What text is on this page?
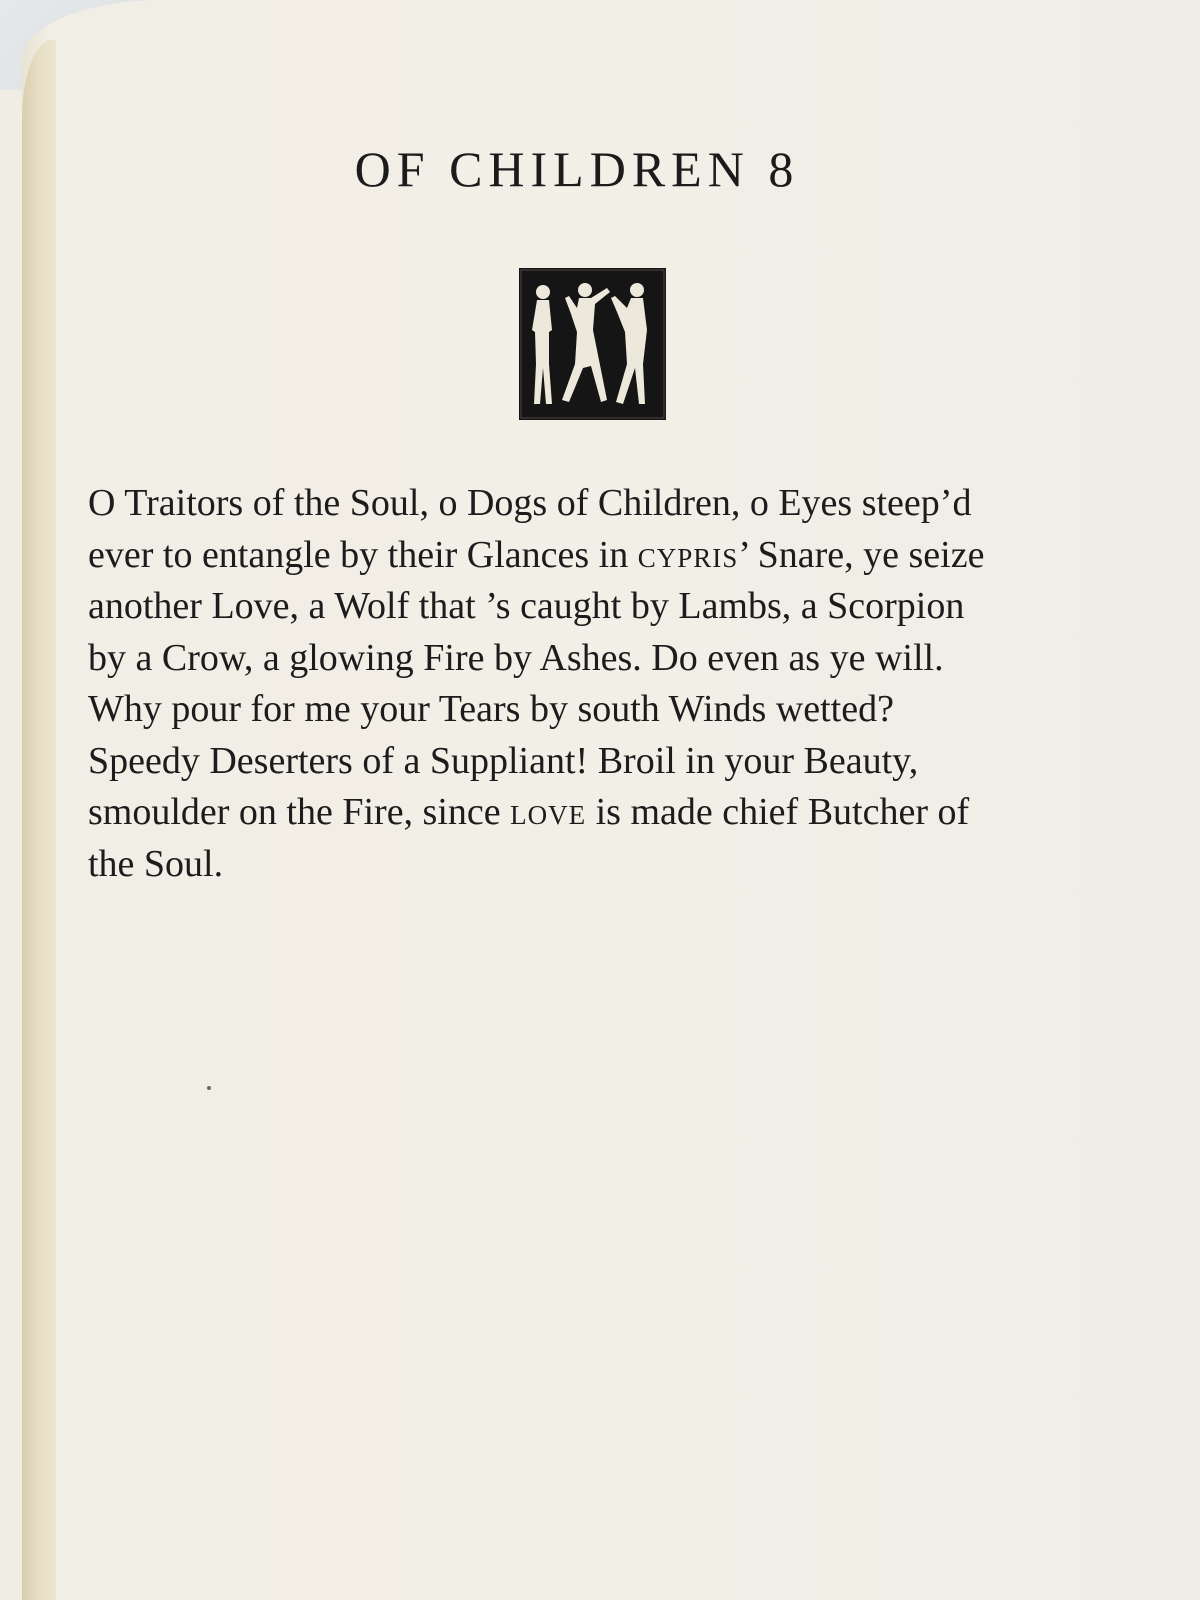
OF CHILDREN 8

O Traitors of the Soul, o Dogs of Children, o Eyes steep’d
ever to entangle by their Glances in cypris’ Snare, ye seize
another Love, a Wolf that ’s caught by Lambs, a Scorpion
by a Crow, a glowing Fire by Ashes. Do even as ye will.
Why pour for me your Tears by south Winds wetted?
Speedy Deserters of a Suppliant! Broil in your Beauty,
smoulder on the Fire, since love is made chief Butcher of
the Soul.
